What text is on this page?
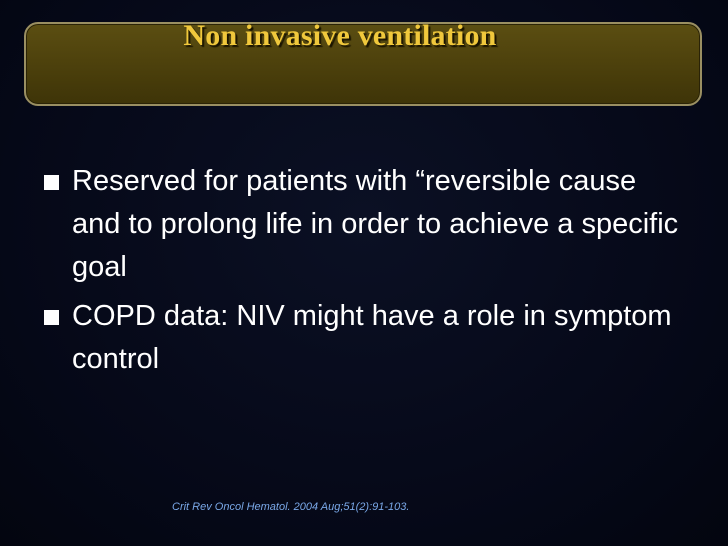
Non invasive ventilation
Reserved for patients with “reversible cause and to prolong life in order to achieve a specific goal
COPD data: NIV might have a role in symptom control
Crit Rev Oncol Hematol. 2004 Aug;51(2):91-103.
